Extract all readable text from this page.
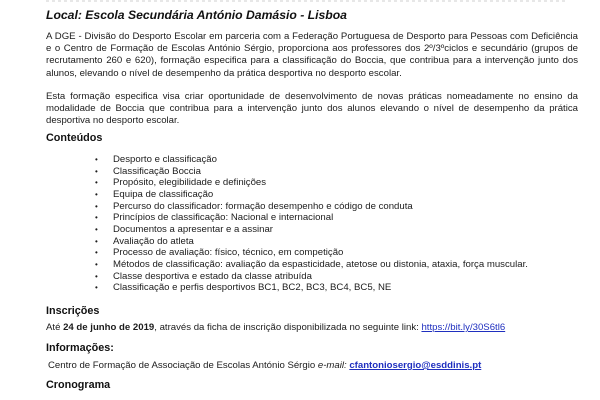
Local: Escola Secundária António Damásio - Lisboa
A DGE - Divisão do Desporto Escolar em parceria com a Federação Portuguesa de Desporto para Pessoas com Deficiência e o Centro de Formação de Escolas António Sérgio, proporciona aos professores dos 2º/3ºciclos e secundário (grupos de recrutamento 260 e 620), formação especifica para a classificação do Boccia, que contribua para a intervenção junto dos alunos, elevando o nível de desempenho da prática desportiva no desporto escolar.
Esta formação especifica visa criar oportunidade de desenvolvimento de novas práticas nomeadamente no ensino da modalidade de Boccia que contribua para a intervenção junto dos alunos elevando o nível de desempenho da prática desportiva no desporto escolar.
Conteúdos
• Desporto e classificação
• Classificação Boccia
• Propósito, elegibilidade e definições
• Equipa de classificação
• Percurso do classificador: formação desempenho e código de conduta
• Princípios de classificação: Nacional e internacional
• Documentos a apresentar e a assinar
• Avaliação do atleta
• Processo de avaliação: físico, técnico, em competição
• Métodos de classificação: avaliação da espasticidade, atetose ou distonia, ataxia, força muscular.
• Classe desportiva e estado da classe atribuída
• Classificação e perfis desportivos BC1, BC2, BC3, BC4, BC5, NE
Inscrições
Até 24 de junho de 2019, através da ficha de inscrição disponibilizada no seguinte link: https://bit.ly/30S6tl6
Informações:
Centro de Formação de Associação de Escolas António Sérgio e-mail: cfantoniosergio@esddinis.pt
Cronograma
